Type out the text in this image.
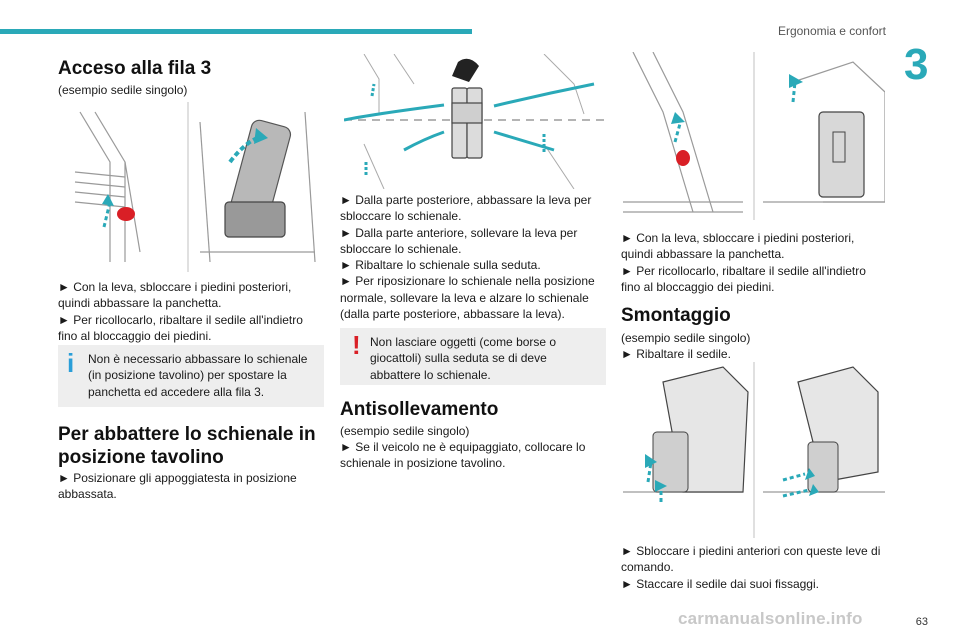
Ergonomia e confort
3
Acceso alla fila 3

(esempio sedile singolo)

► Con la leva, sbloccare i piedini posteriori, quindi abbassare la panchetta.
► Per ricollocarlo, ribaltare il sedile all'indietro fino al bloccaggio dei piedini.

i Non è necessario abbassare lo schienale (in posizione tavolino) per spostare la panchetta ed accedere alla fila 3.
Per abbattere lo schienale in posizione tavolino

► Posizionare gli appoggiatesta in posizione abbassata.

► Dalla parte posteriore, abbassare la leva per sbloccare lo schienale.
► Dalla parte anteriore, sollevare la leva per sbloccare lo schienale.
► Ribaltare lo schienale sulla seduta.
► Per riposizionare lo schienale nella posizione normale, sollevare la leva e alzare lo schienale (dalla parte posteriore, abbassare la leva).

! Non lasciare oggetti (come borse o giocattoli) sulla seduta se di deve abbattere lo schienale.
Antisollevamento

(esempio sedile singolo)

► Se il veicolo ne è equipaggiato, collocare lo schienale in posizione tavolino.

► Con la leva, sbloccare i piedini posteriori, quindi abbassare la panchetta.
► Per ricollocarlo, ribaltare il sedile all'indietro fino al bloccaggio dei piedini.

Smontaggio

(esempio sedile singolo)

► Ribaltare il sedile.

► Sbloccare i piedini anteriori con queste leve di comando.
► Staccare il sedile dai suoi fissaggi.

carmanualsonline.info	63
